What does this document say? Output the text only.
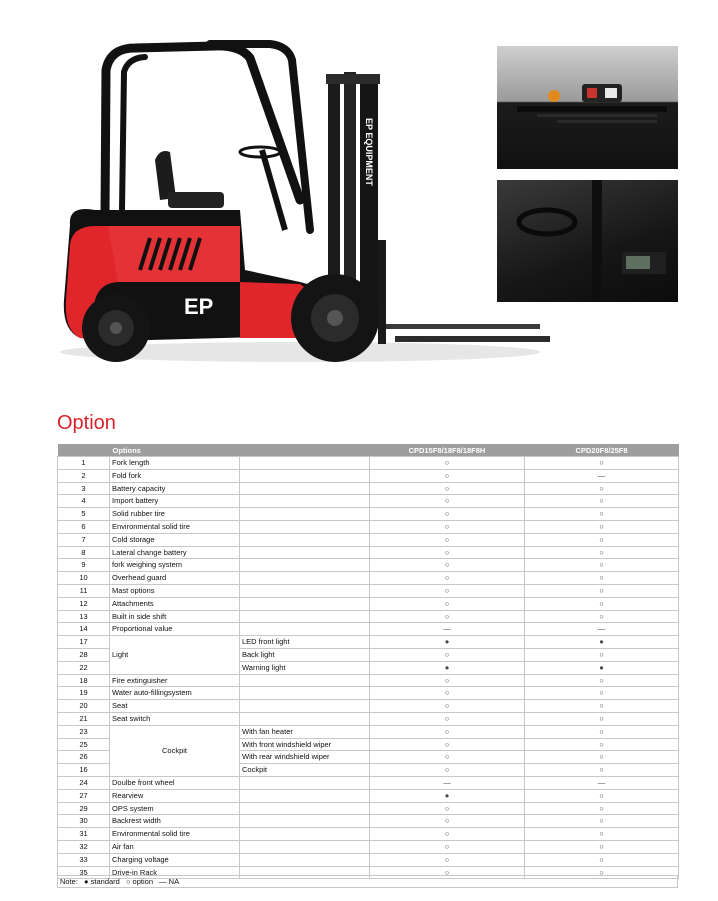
EP EQUIPMENT
EP
Option
	Options		CPD15F8/18F8/18F8H	CPD20F8/25F8
1	Fork length		○	○
2	Fold fork		○	—
3	Battery capacity		○	○
4	Import battery		○	○
5	Solid rubber tire		○	○
6	Environmental solid tire		○	○
7	Cold storage		○	○
8	Lateral change battery		○	○
9	fork weighing system		○	○
10	Overhead guard		○	○
11	Mast options		○	○
12	Attachments		○	○
13	Built in side shift		○	○
14	Proportional value		—	—
17	Light	LED front light	●	●
28		Back light	○	○
22		Warning light	●	●
18	Fire extinguisher		○	○
19	Water auto-fillingsystem		○	○
20	Seat		○	○
21	Seat switch		○	○
23	Cockpit	With fan heater	○	○
25		With front windshield wiper	○	○
26		With rear windshield wiper	○	○
16		Cockpit	○	○
24	Doulbe front wheel		—	—
27	Rearview		●	○
29	OPS system		○	○
30	Backrest width		○	○
31	Environmental solid tire		○	○
32	Air fan		○	○
33	Charging voltage		○	○
35	Drive-in Rack		○	○
Note: ● standard ○ option — NA
